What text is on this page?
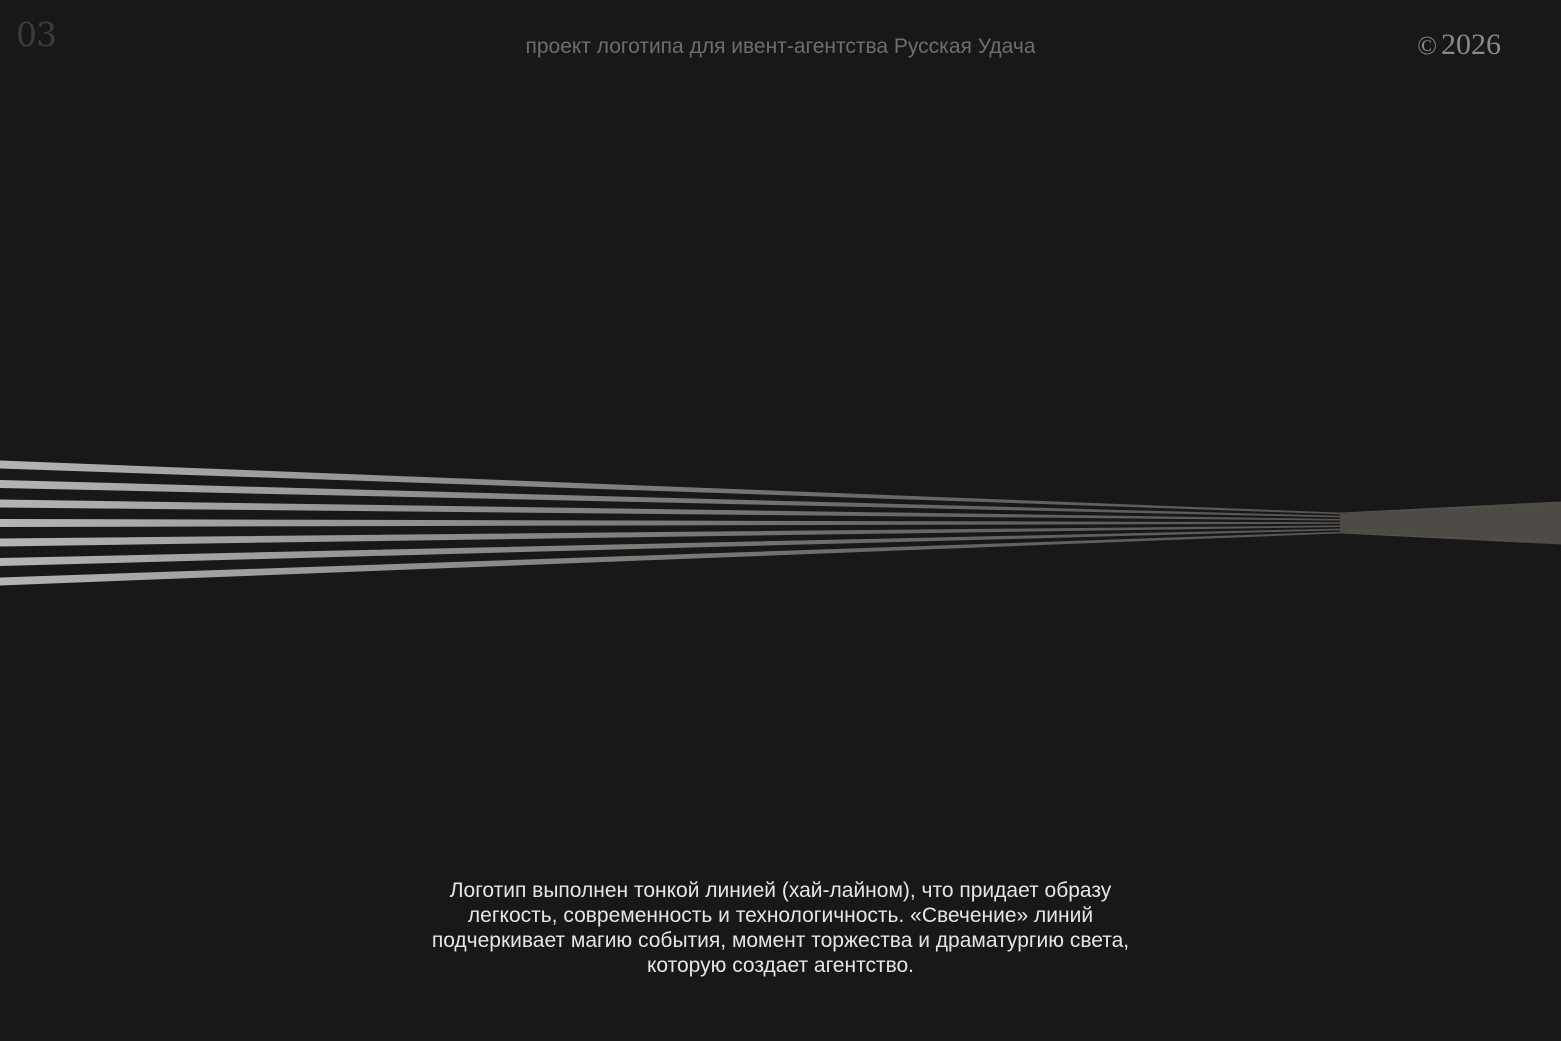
03	проект логотипа для ивент-агентства Русская Удача	© 2026
Логотип выполнен тонкой линией (хай-лайном), что придает образу
легкость, современность и технологичность. «Свечение» линий
подчеркивает магию события, момент торжества и драматургию света,
которую создает агентство.
